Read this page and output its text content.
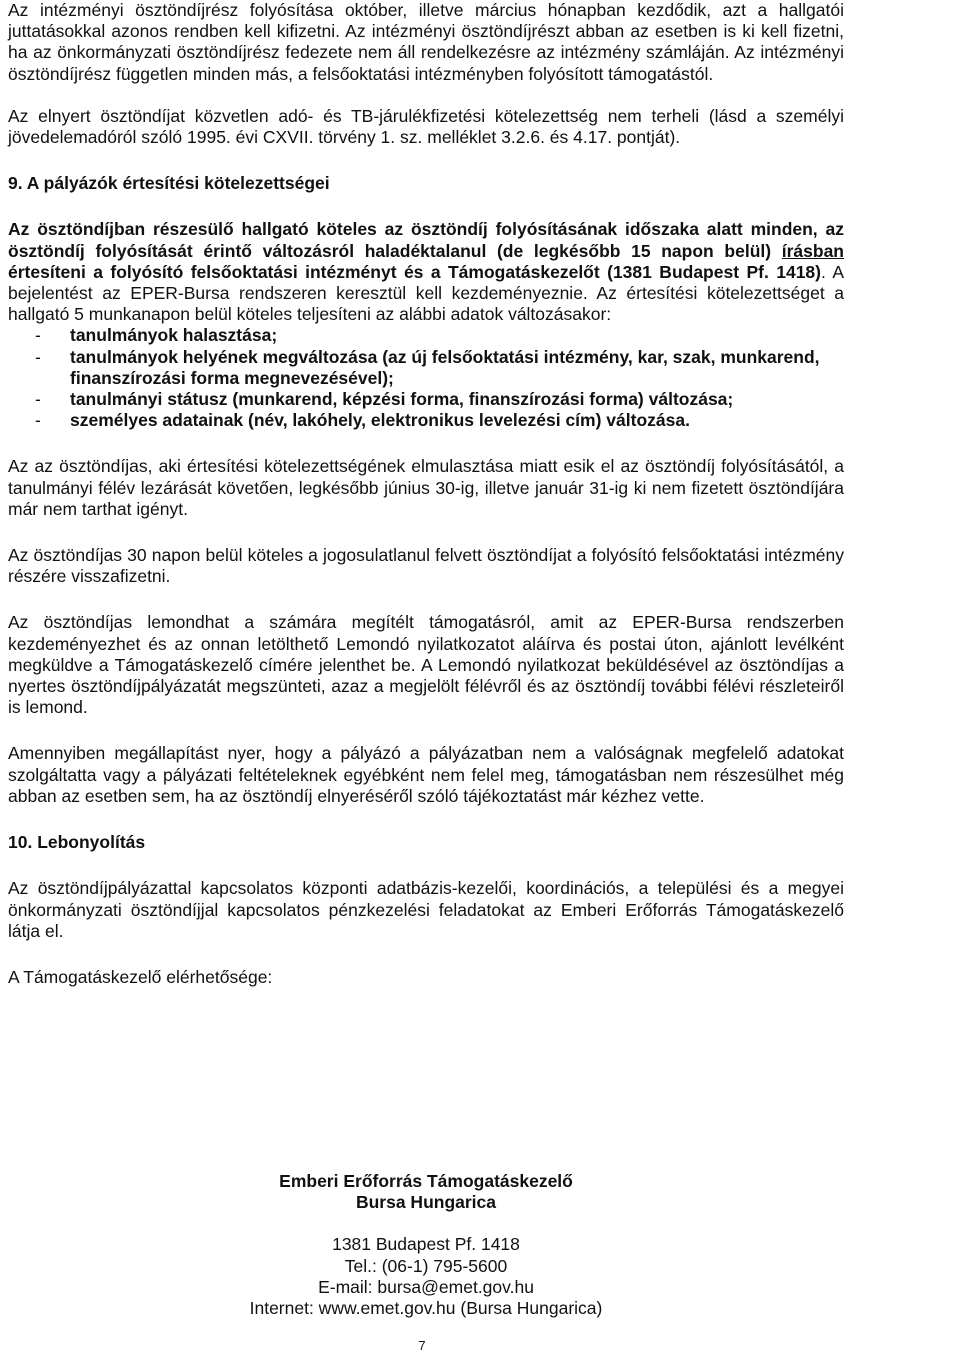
Az intézményi ösztöndíjrész folyósítása október, illetve március hónapban kezdődik, azt a hallgatói juttatásokkal azonos rendben kell kifizetni. Az intézményi ösztöndíjrészt abban az esetben is ki kell fizetni, ha az önkormányzati ösztöndíjrész fedezete nem áll rendelkezésre az intézmény számláján. Az intézményi ösztöndíjrész független minden más, a felsőoktatási intézményben folyósított támogatástól.

Az elnyert ösztöndíjat közvetlen adó- és TB-járulékfizetési kötelezettség nem terheli (lásd a személyi jövedelemadóról szóló 1995. évi CXVII. törvény 1. sz. melléklet 3.2.6. és 4.17. pontját).

9. A pályázók értesítési kötelezettségei

Az ösztöndíjban részesülő hallgató köteles az ösztöndíj folyósításának időszaka alatt minden, az ösztöndíj folyósítását érintő változásról haladéktalanul (de legkésőbb 15 napon belül) írásban értesíteni a folyósító felsőoktatási intézményt és a Támogatáskezelőt (1381 Budapest Pf. 1418). A bejelentést az EPER-Bursa rendszeren keresztül kell kezdeményeznie. Az értesítési kötelezettséget a hallgató 5 munkanapon belül köteles teljesíteni az alábbi adatok változásakor:

- tanulmányok halasztása;
- tanulmányok helyének megváltozása (az új felsőoktatási intézmény, kar, szak, munkarend, finanszírozási forma megnevezésével);
- tanulmányi státusz (munkarend, képzési forma, finanszírozási forma) változása;
- személyes adatainak (név, lakóhely, elektronikus levelezési cím) változása.

Az az ösztöndíjas, aki értesítési kötelezettségének elmulasztása miatt esik el az ösztöndíj folyósításától, a tanulmányi félév lezárását követően, legkésőbb június 30-ig, illetve január 31-ig ki nem fizetett ösztöndíjára már nem tarthat igényt.

Az ösztöndíjas 30 napon belül köteles a jogosulatlanul felvett ösztöndíjat a folyósító felsőoktatási intézmény részére visszafizetni.

Az ösztöndíjas lemondhat a számára megítélt támogatásról, amit az EPER-Bursa rendszerben kezdeményezhet és az onnan letölthető Lemondó nyilatkozatot aláírva és postai úton, ajánlott levélként megküldve a Támogatáskezelő címére jelenthet be. A Lemondó nyilatkozat beküldésével az ösztöndíjas a nyertes ösztöndíjpályázatát megszünteti, azaz a megjelölt félévről és az ösztöndíj további félévi részleteiről is lemond.

Amennyiben megállapítást nyer, hogy a pályázó a pályázatban nem a valóságnak megfelelő adatokat szolgáltatta vagy a pályázati feltételeknek egyébként nem felel meg, támogatásban nem részesülhet még abban az esetben sem, ha az ösztöndíj elnyeréséről szóló tájékoztatást már kézhez vette.

10. Lebonyolítás

Az ösztöndíjpályázattal kapcsolatos központi adatbázis-kezelői, koordinációs, a települési és a megyei önkormányzati ösztöndíjjal kapcsolatos pénzkezelési feladatokat az Emberi Erőforrás Támogatáskezelő látja el.

A Támogatáskezelő elérhetősége:

Emberi Erőforrás Támogatáskezelő
Bursa Hungarica
1381 Budapest Pf. 1418
Tel.: (06-1) 795-5600
E-mail: bursa@emet.gov.hu
Internet: www.emet.gov.hu (Bursa Hungarica)
7
